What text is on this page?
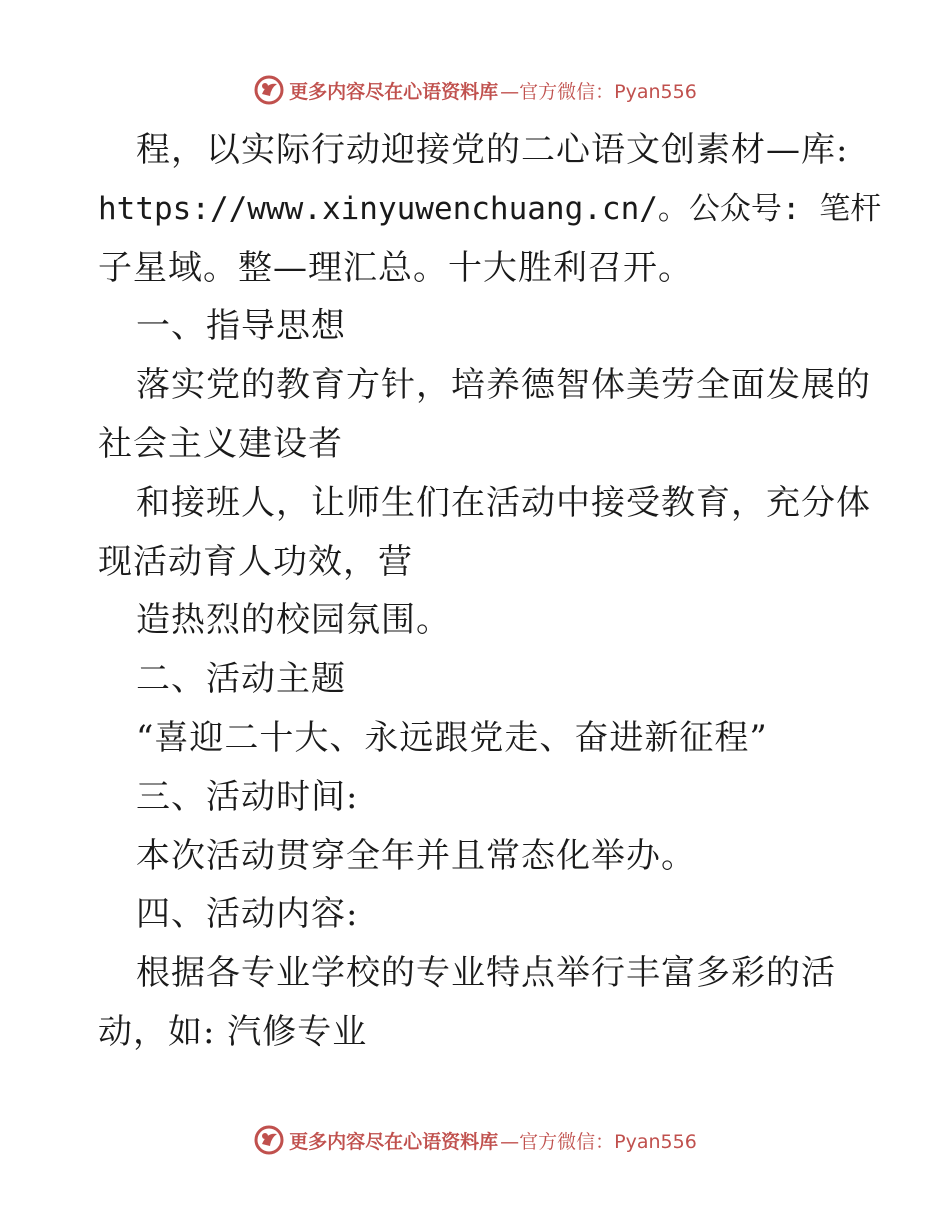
更多内容尽在心语资料库 —官方微信：Pyan556
程，以实际行动迎接党的二心语文创素材—库:
https://www.xinyuwenchuang.cn/。公众号: 笔杆
子星域。整—理汇总。十大胜利召开。
一、指导思想
落实党的教育方针，培养德智体美劳全面发展的
社会主义建设者
和接班人，让师生们在活动中接受教育，充分体
现活动育人功效，营
造热烈的校园氛围。
二、活动主题
“喜迎二十大、永远跟党走、奋进新征程”
三、活动时间:
本次活动贯穿全年并且常态化举办。
四、活动内容:
根据各专业学校的专业特点举行丰富多彩的活
动，如: 汽修专业
更多内容尽在心语资料库 —官方微信：Pyan556
